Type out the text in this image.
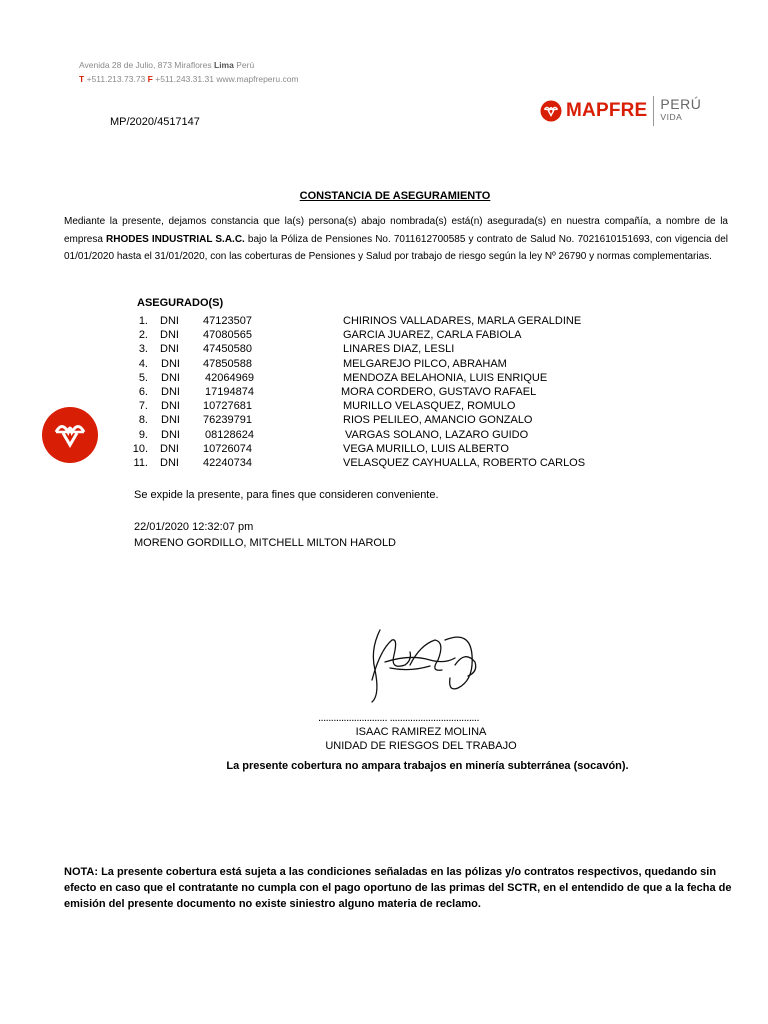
Avenida 28 de Julio, 873 Miraflores Lima Perú
T +511.213.73.73 F +511.243.31.31 www.mapfreperu.com
MAPFRE PERÚ
VIDA
MP/2020/4517147
CONSTANCIA DE ASEGURAMIENTO
Mediante la presente, dejamos constancia que la(s) persona(s) abajo nombrada(s) está(n) asegurada(s) en nuestra compañía, a nombre de la empresa RHODES INDUSTRIAL S.A.C. bajo la Póliza de Pensiones No. 7011612700585 y contrato de Salud No. 7021610151693, con vigencia del 01/01/2020 hasta el 31/01/2020, con las coberturas de Pensiones y Salud por trabajo de riesgo según la ley Nº 26790 y normas complementarias.
ASEGURADO(S)
1. DNI 47123507	CHIRINOS VALLADARES, MARLA GERALDINE
2. DNI 47080565	GARCIA JUAREZ, CARLA FABIOLA
3. DNI 47450580	LINARES DIAZ, LESLI
4. DNI 47850588	MELGAREJO PILCO, ABRAHAM
5. DNI 42064969	MENDOZA BELAHONIA, LUIS ENRIQUE
6. DNI 17194874	MORA CORDERO, GUSTAVO RAFAEL
7. DNI 10727681	MURILLO VELASQUEZ, ROMULO
8. DNI 76239791	RIOS PELILEO, AMANCIO GONZALO
9. DNI 08128624	VARGAS SOLANO, LAZARO GUIDO
10. DNI 10726074	VEGA MURILLO, LUIS ALBERTO
11. DNI 42240734	VELASQUEZ CAYHUALLA, ROBERTO CARLOS
Se expide la presente, para fines que consideren conveniente.
22/01/2020 12:32:07 pm
MORENO GORDILLO, MITCHELL MILTON HAROLD
........................... ...................................
ISAAC RAMIREZ MOLINA
UNIDAD DE RIESGOS DEL TRABAJO
La presente cobertura no ampara trabajos en minería subterránea (socavón).
NOTA: La presente cobertura está sujeta a las condiciones señaladas en las pólizas y/o contratos respectivos, quedando sin efecto en caso que el contratante no cumpla con el pago oportuno de las primas del SCTR, en el entendido de que a la fecha de emisión del presente documento no existe siniestro alguno materia de reclamo.
